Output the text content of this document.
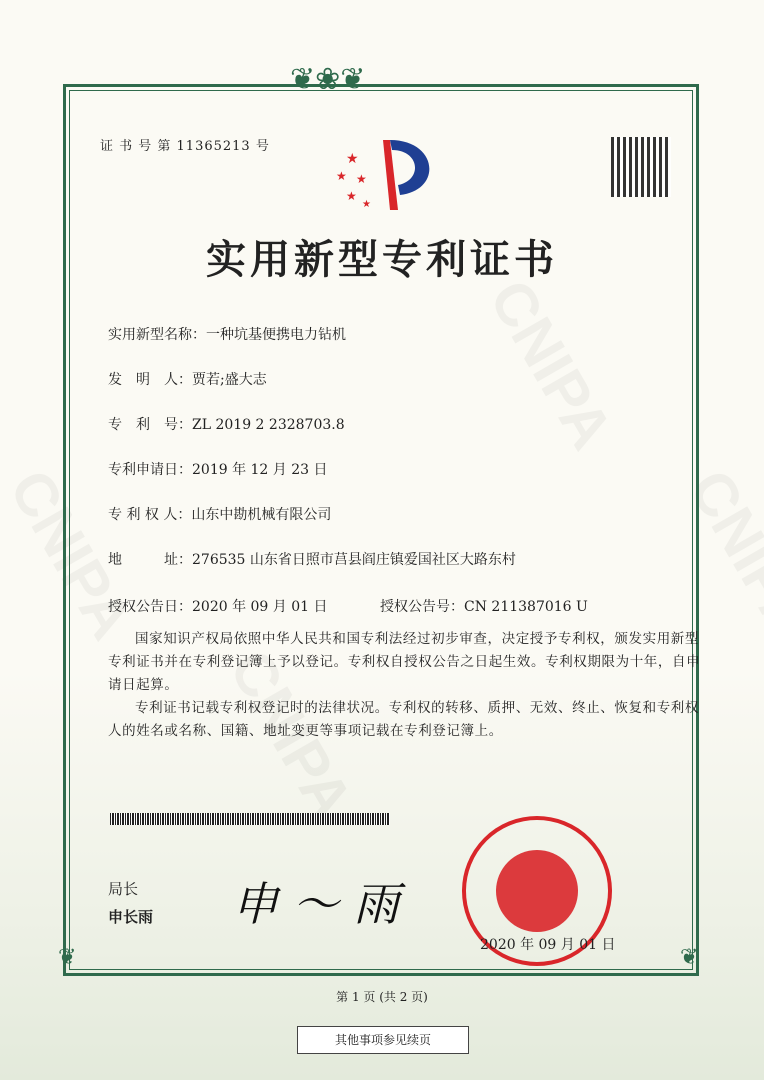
❦❀❦
❦	❦
证 书 号 第 11365213 号
★
★ ★
★
★
实用新型专利证书
实用新型名称：一种坑基便携电力钻机
发　明　人：贾若;盛大志
专　利　号：ZL 2019 2 2328703.8
专利申请日：2019 年 12 月 23 日
专 利 权 人：山东中勘机械有限公司
地　　　址：276535 山东省日照市莒县阎庄镇爱国社区大路东村
授权公告日：2020 年 09 月 01 日	授权公告号：CN 211387016 U
国家知识产权局依照中华人民共和国专利法经过初步审查，决定授予专利权，颁发实用新型专利证书并在专利登记簿上予以登记。专利权自授权公告之日起生效。专利权期限为十年，自申请日起算。
专利证书记载专利权登记时的法律状况。专利权的转移、质押、无效、终止、恢复和专利权人的姓名或名称、国籍、地址变更等事项记载在专利登记簿上。
局长
申长雨 申 〜 雨
2020 年 09 月 01 日
第 1 页 (共 2 页)
其他事项参见续页
